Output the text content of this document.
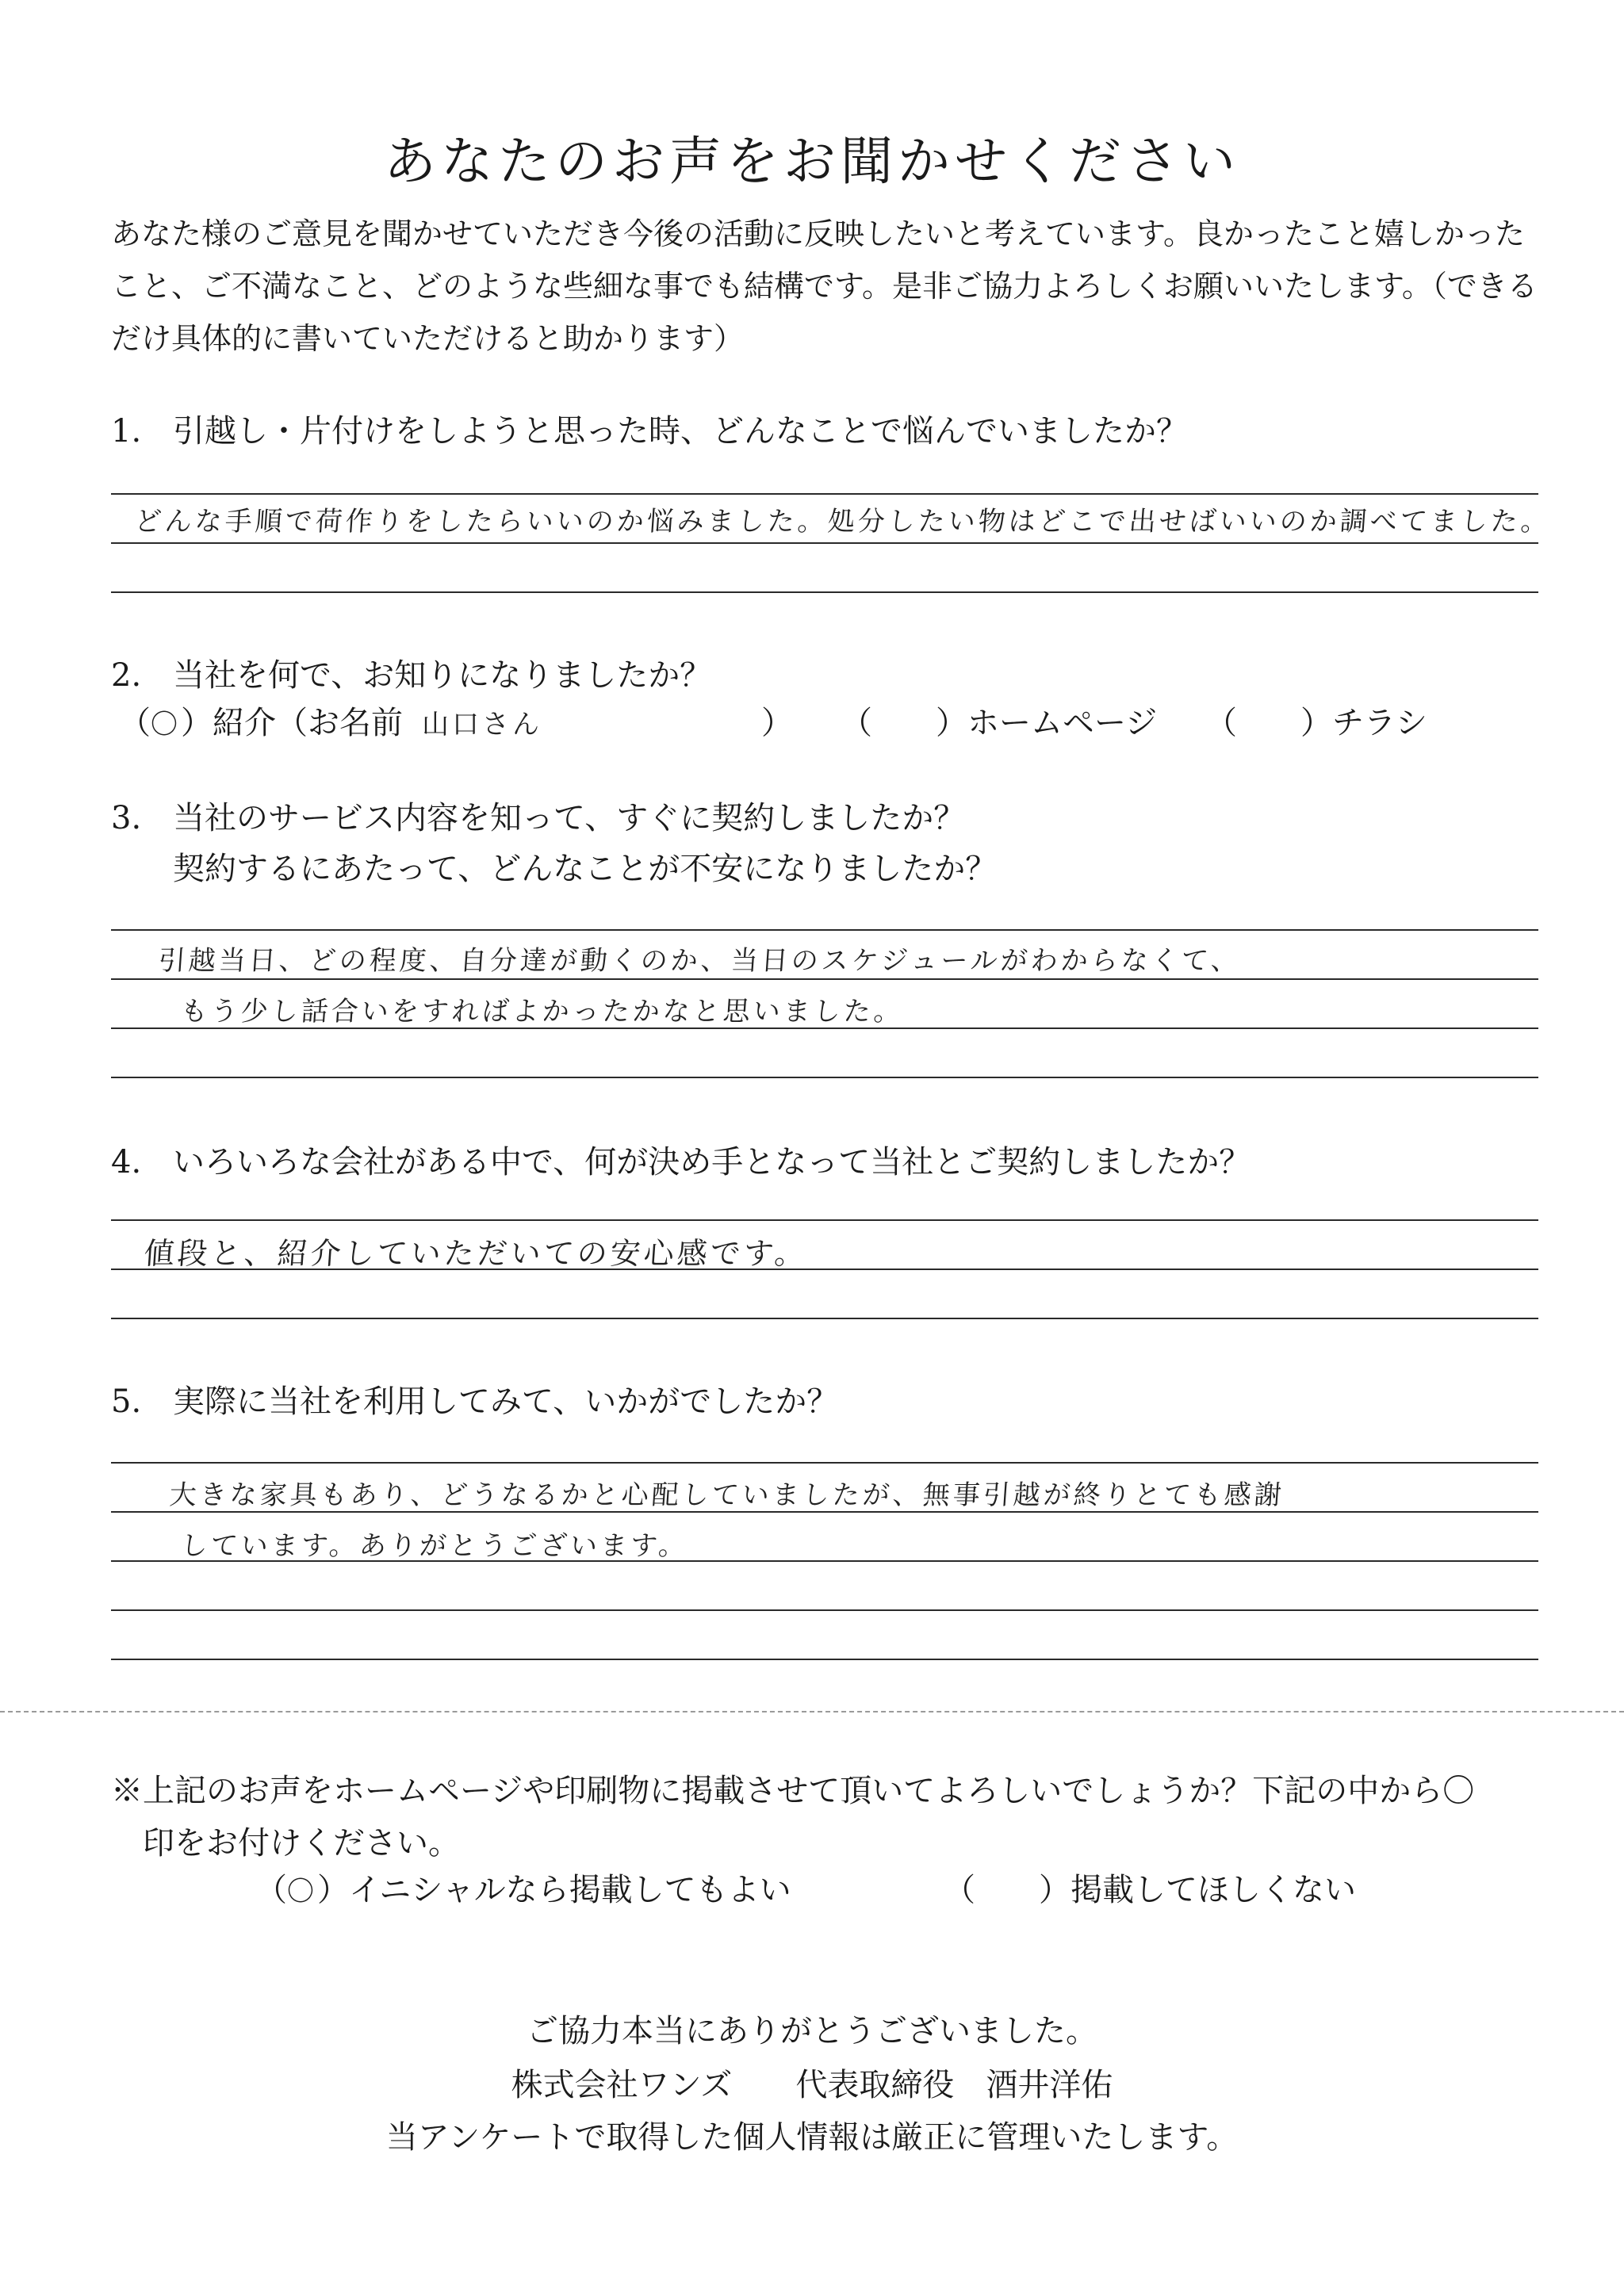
あなたのお声をお聞かせください
あなた様のご意見を聞かせていただき今後の活動に反映したいと考えています。良かったこと嬉しかったこと、ご不満なこと、どのような些細な事でも結構です。是非ご協力よろしくお願いいたします。（できるだけ具体的に書いていただけると助かります）
1. 引越し・片付けをしようと思った時、どんなことで悩んでいましたか？
どんな手順で荷作りをしたらいいのか悩みました。処分したい物はどこで出せばいいのか調べてました。
2. 当社を何で、お知りになりましたか？
（〇）紹介（お名前 山口さん	） （　　）ホームページ （　　）チラシ
3. 当社のサービス内容を知って、すぐに契約しましたか？
契約するにあたって、どんなことが不安になりましたか？
引越当日、どの程度、自分達が動くのか、当日のスケジュールがわからなくて、
もう少し話合いをすればよかったかなと思いました。
4. いろいろな会社がある中で、何が決め手となって当社とご契約しましたか？
値段と、紹介していただいての安心感です。
5. 実際に当社を利用してみて、いかがでしたか？
大きな家具もあり、どうなるかと心配していましたが、無事引越が終りとても感謝
しています。ありがとうございます。
※上記のお声をホームページや印刷物に掲載させて頂いてよろしいでしょうか？下記の中から〇
印をお付けください。
（〇）イニシャルなら掲載してもよい	（　　）掲載してほしくない
ご協力本当にありがとうございました。
株式会社ワンズ　　代表取締役　酒井洋佑
当アンケートで取得した個人情報は厳正に管理いたします。
